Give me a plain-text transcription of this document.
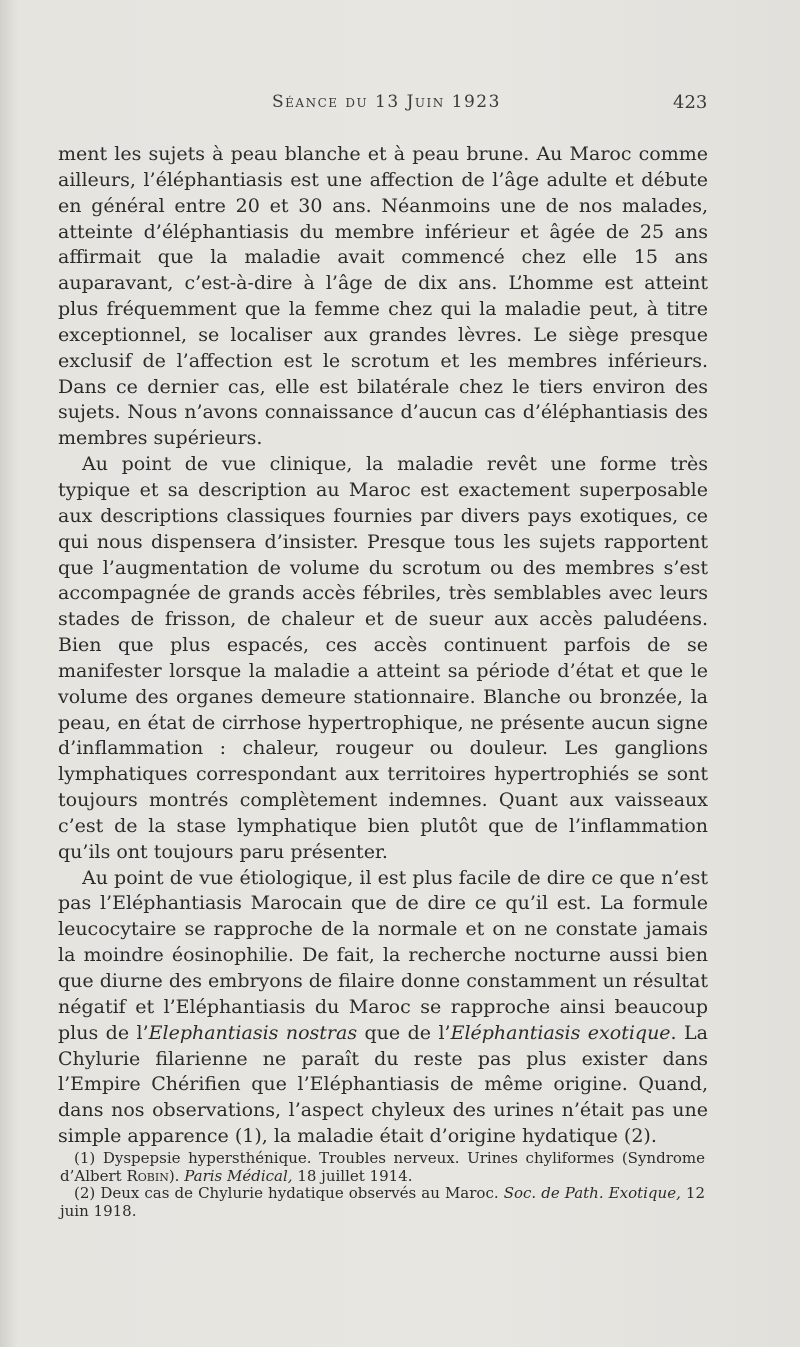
Séance du 13 Juin 1923	423

ment les sujets à peau blanche et à peau brune. Au Maroc comme ailleurs, l’éléphantiasis est une affection de l’âge adulte et débute en général entre 20 et 30 ans. Néanmoins une de nos malades, atteinte d’éléphantiasis du membre inférieur et âgée de 25 ans affirmait que la maladie avait commencé chez elle 15 ans auparavant, c’est-à-dire à l’âge de dix ans. L’homme est atteint plus fréquemment que la femme chez qui la maladie peut, à titre exceptionnel, se localiser aux grandes lèvres. Le siège presque exclusif de l’affection est le scrotum et les membres inférieurs. Dans ce dernier cas, elle est bilatérale chez le tiers environ des sujets. Nous n’avons connaissance d’aucun cas d’éléphantiasis des membres supérieurs.

Au point de vue clinique, la maladie revêt une forme très typique et sa description au Maroc est exactement superposable aux descriptions classiques fournies par divers pays exotiques, ce qui nous dispensera d’insister. Presque tous les sujets rapportent que l’augmentation de volume du scrotum ou des membres s’est accompagnée de grands accès fébriles, très semblables avec leurs stades de frisson, de chaleur et de sueur aux accès paludéens. Bien que plus espacés, ces accès continuent parfois de se manifester lorsque la maladie a atteint sa période d’état et que le volume des organes demeure stationnaire. Blanche ou bronzée, la peau, en état de cirrhose hypertrophique, ne présente aucun signe d’inflammation : chaleur, rougeur ou douleur. Les ganglions lymphatiques correspondant aux territoires hypertrophiés se sont toujours montrés complètement indemnes. Quant aux vaisseaux c’est de la stase lymphatique bien plutôt que de l’inflammation qu’ils ont toujours paru présenter.

Au point de vue étiologique, il est plus facile de dire ce que n’est pas l’Eléphantiasis Marocain que de dire ce qu’il est. La formule leucocytaire se rapproche de la normale et on ne constate jamais la moindre éosinophilie. De fait, la recherche nocturne aussi bien que diurne des embryons de filaire donne constamment un résultat négatif et l’Eléphantiasis du Maroc se rapproche ainsi beaucoup plus de l’Elephantiasis nostras que de l’Eléphantiasis exotique. La Chylurie filarienne ne paraît du reste pas plus exister dans l’Empire Chérifien que l’Eléphantiasis de même origine. Quand, dans nos observations, l’aspect chyleux des urines n’était pas une simple apparence (1), la maladie était d’origine hydatique (2).

(1) Dyspepsie hypersthénique. Troubles nerveux. Urines chyliformes (Syndrome d’Albert Robin). Paris Médical, 18 juillet 1914.

(2) Deux cas de Chylurie hydatique observés au Maroc. Soc. de Path. Exotique, 12 juin 1918.
